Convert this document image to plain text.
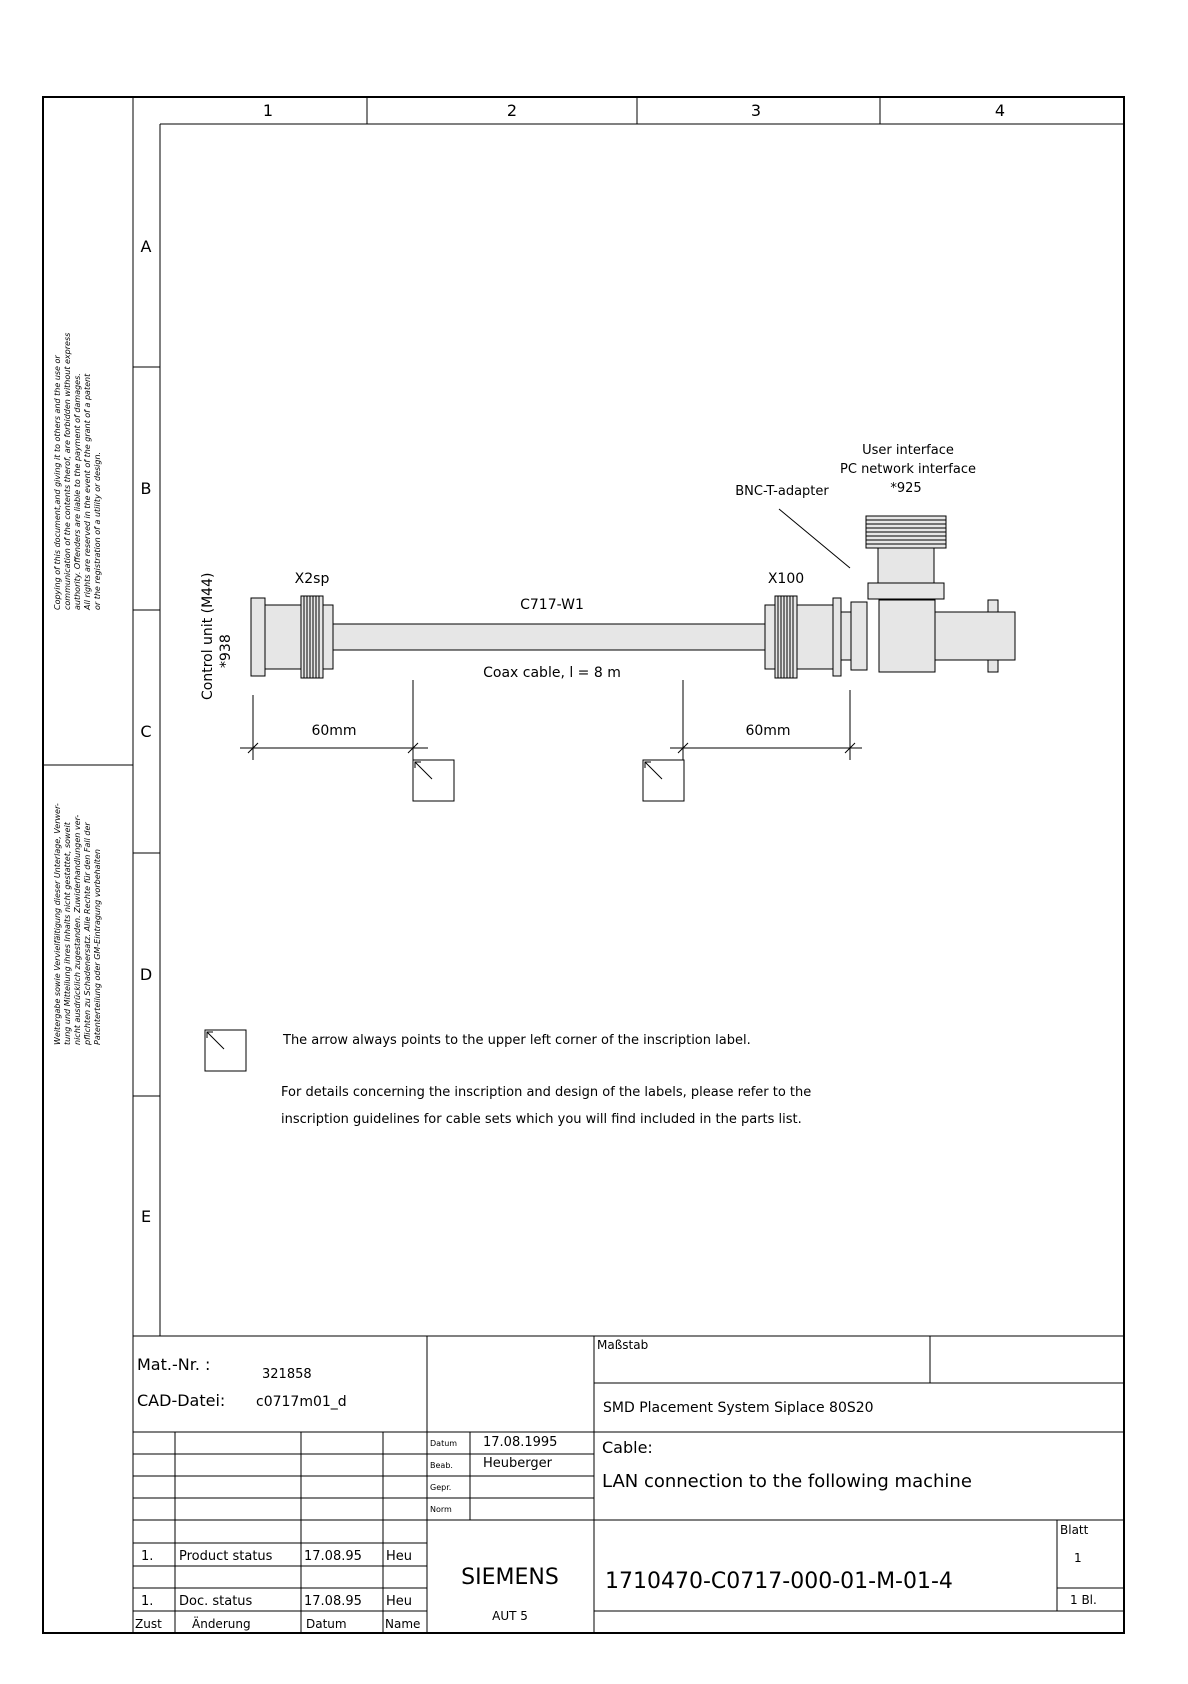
Copying of this document,and giving it to others and the use or communication of the contents therof, are forbidden without express authority. Offenders are liable to the payment of damages. All rights are reserved in the event of the grant of a patent or the registration of a utility or design.
Weitergabe sowie Vervielfältigung dieser Unterlage, Verwer- tung und Mitteilung ihres Inhalts nicht gestattet, soweit nicht ausdrücklich zugestanden. Zuwiderhandlungen ver- pflichten zu Schadenersatz. Alle Rechte für den Fall der Patenterteilung oder GM-Eintragung vorbehalten
1	2	3	4
A
B
C
D
E
Control unit (M44) *938
X2sp
C717-W1
Coax cable, l = 8 m
X100
BNC-T-adapter
User interface
PC network interface
*925
60mm	60mm
The arrow always points to the upper left corner of the inscription label.
For details concerning the inscription and design of the labels, please refer to the
inscription guidelines for cable sets which you will find included in the parts list.
Mat.-Nr. :
321858
CAD-Datei: c0717m01_d
Maßstab
SMD Placement System Siplace 80S20
Datum 17.08.1995
Beab. Heuberger
Gepr.
Norm
Cable:
LAN connection to the following machine
1. Product status 17.08.95 Heu
1. Doc. status	17.08.95 Heu
Zust	Änderung	Datum	Name
SIEMENS
AUT 5
1710470-C0717-000-01-M-01-4
Blatt
1
1 Bl.
